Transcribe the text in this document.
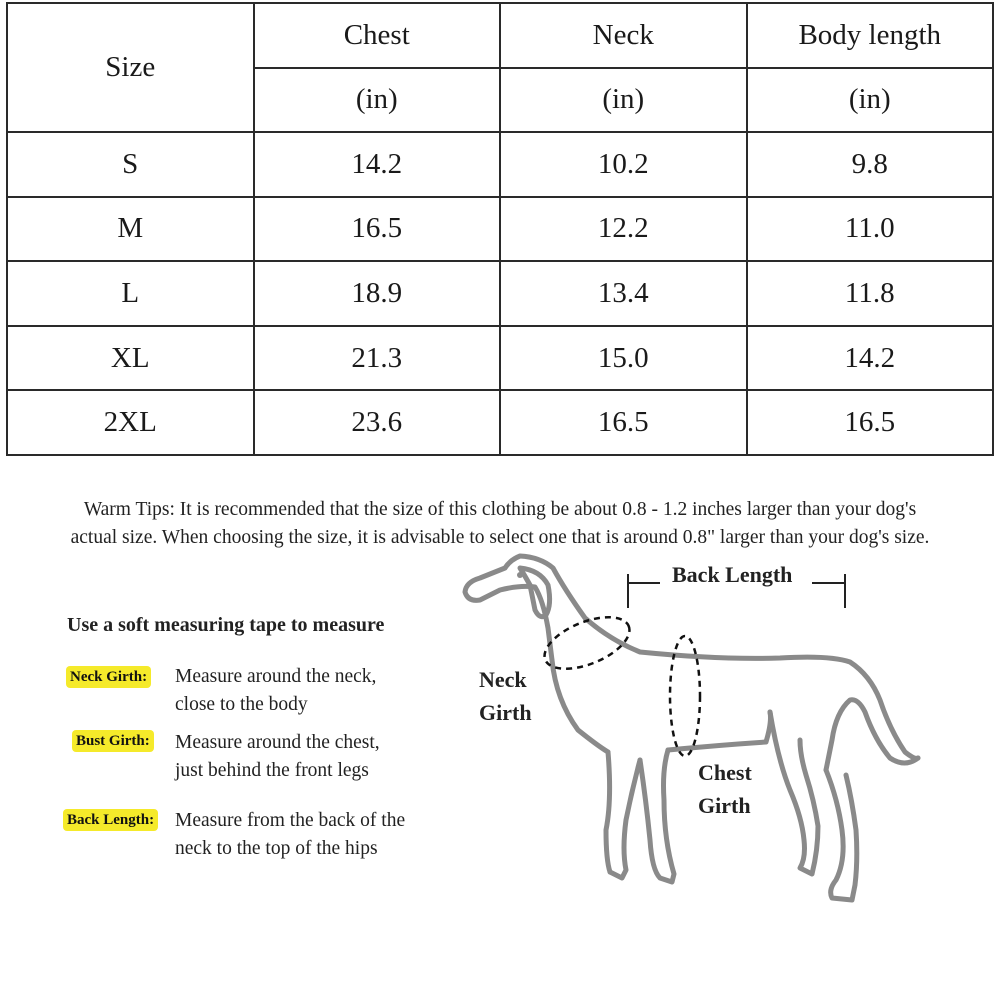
Size	Chest	Neck	Body length
	(in)	(in)	(in)
S	14.2	10.2	9.8
M	16.5	12.2	11.0
L	18.9	13.4	11.8
XL	21.3	15.0	14.2
2XL	23.6	16.5	16.5
Warm Tips: It is recommended that the size of this clothing be about 0.8 - 1.2 inches larger than your dog's
actual size. When choosing the size, it is advisable to select one that is around 0.8" larger than your dog's size.
Use a soft measuring tape to measure
Neck Girth: Measure around the neck,
close to the body
Bust Girth: Measure around the chest,
just behind the front legs
Back Length: Measure from the back of the
neck to the top of the hips
Back Length
Neck
Girth
Chest
Girth
